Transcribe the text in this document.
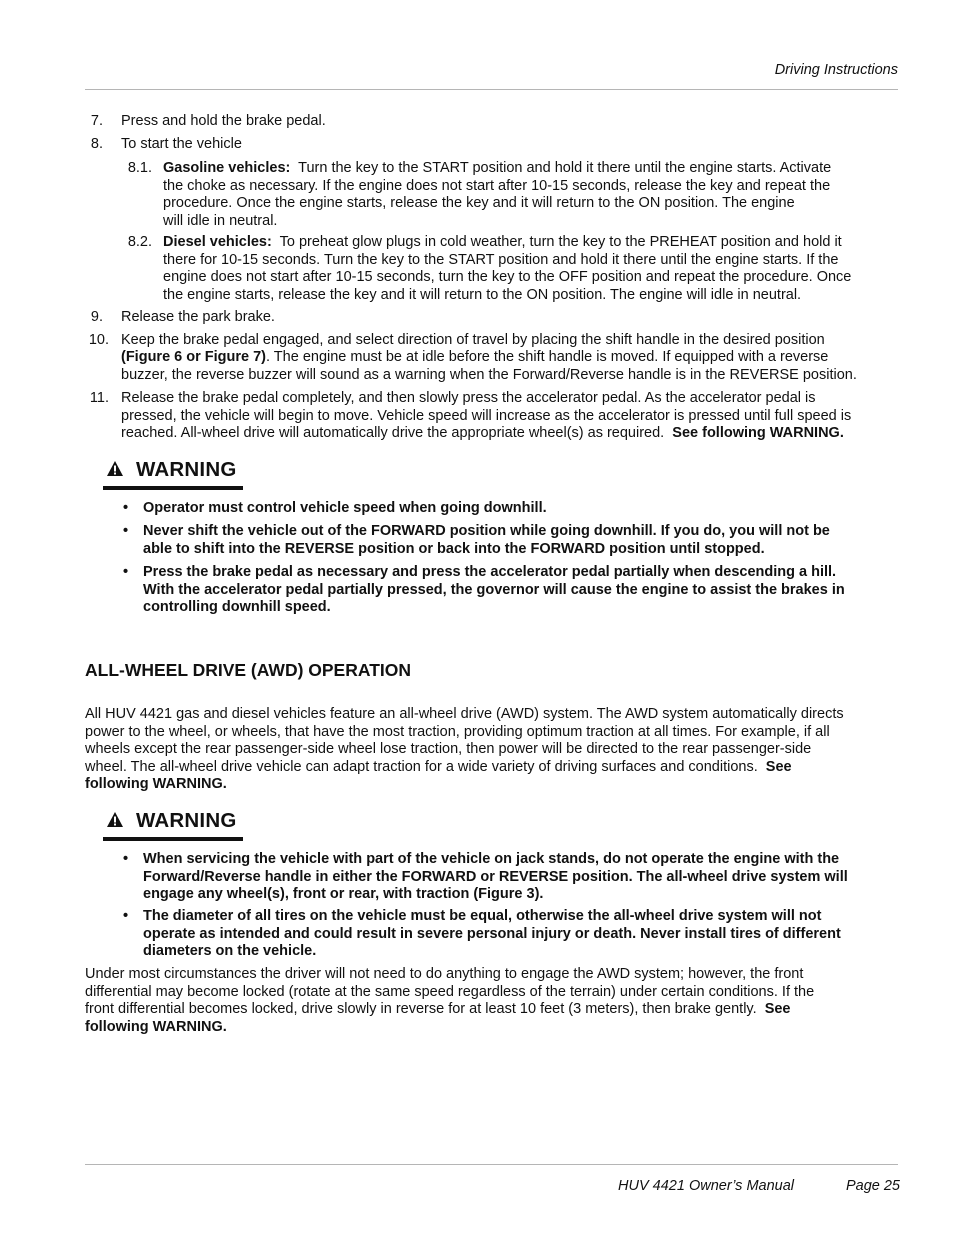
Driving Instructions
7. Press and hold the brake pedal.
8. To start the vehicle
8.1. Gasoline vehicles: Turn the key to the START position and hold it there until the engine starts. Activate
the choke as necessary. If the engine does not start after 10-15 seconds, release the key and repeat the
procedure. Once the engine starts, release the key and it will return to the ON position. The engine
will idle in neutral.
8.2. Diesel vehicles: To preheat glow plugs in cold weather, turn the key to the PREHEAT position and hold it
there for 10-15 seconds. Turn the key to the START position and hold it there until the engine starts. If the
engine does not start after 10-15 seconds, turn the key to the OFF position and repeat the procedure. Once
the engine starts, release the key and it will return to the ON position. The engine will idle in neutral.
9. Release the park brake.
10. Keep the brake pedal engaged, and select direction of travel by placing the shift handle in the desired position
(Figure 6 or Figure 7). The engine must be at idle before the shift handle is moved. If equipped with a reverse
buzzer, the reverse buzzer will sound as a warning when the Forward/Reverse handle is in the REVERSE position.
11. Release the brake pedal completely, and then slowly press the accelerator pedal. As the accelerator pedal is
pressed, the vehicle will begin to move. Vehicle speed will increase as the accelerator is pressed until full speed is
reached. All-wheel drive will automatically drive the appropriate wheel(s) as required. See following WARNING.
WARNING
•	Operator must control vehicle speed when going downhill.
•	Never shift the vehicle out of the FORWARD position while going downhill. If you do, you will not be
able to shift into the REVERSE position or back into the FORWARD position until stopped.
•	Press the brake pedal as necessary and press the accelerator pedal partially when descending a hill.
With the accelerator pedal partially pressed, the governor will cause the engine to assist the brakes in
controlling downhill speed.
ALL-WHEEL DRIVE (AWD) OPERATION
All HUV 4421 gas and diesel vehicles feature an all-wheel drive (AWD) system. The AWD system automatically directs
power to the wheel, or wheels, that have the most traction, providing optimum traction at all times. For example, if all
wheels except the rear passenger-side wheel lose traction, then power will be directed to the rear passenger-side
wheel. The all-wheel drive vehicle can adapt traction for a wide variety of driving surfaces and conditions. See
following WARNING.
WARNING
•	When servicing the vehicle with part of the vehicle on jack stands, do not operate the engine with the
Forward/Reverse handle in either the FORWARD or REVERSE position. The all-wheel drive system will
engage any wheel(s), front or rear, with traction (Figure 3).
•	The diameter of all tires on the vehicle must be equal, otherwise the all-wheel drive system will not
operate as intended and could result in severe personal injury or death. Never install tires of different
diameters on the vehicle.
Under most circumstances the driver will not need to do anything to engage the AWD system; however, the front
differential may become locked (rotate at the same speed regardless of the terrain) under certain conditions. If the
front differential becomes locked, drive slowly in reverse for at least 10 feet (3 meters), then brake gently. See
following WARNING.
HUV 4421 Owner’s Manual	Page 25
